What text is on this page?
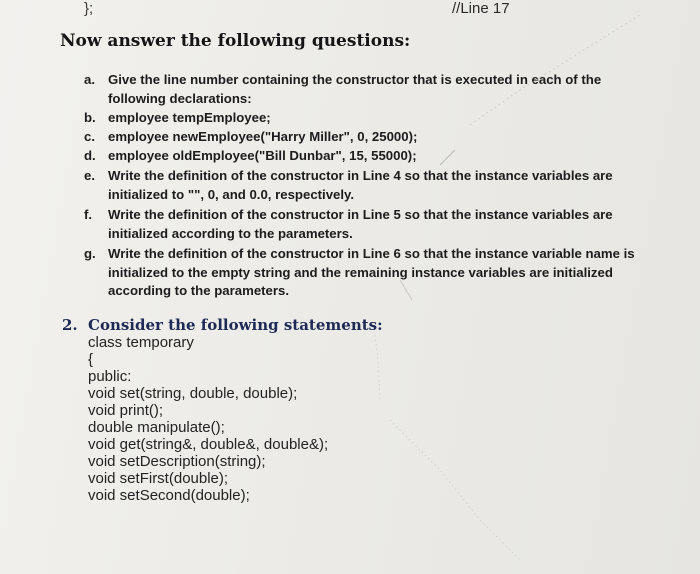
};	//Line 17
Now answer the following questions:
a. Give the line number containing the constructor that is executed in each of the
following declarations:
b. employee tempEmployee;
c. employee newEmployee("Harry Miller", 0, 25000);
d. employee oldEmployee("Bill Dunbar", 15, 55000);
e. Write the definition of the constructor in Line 4 so that the instance variables are
initialized to "", 0, and 0.0, respectively.
f.	Write the definition of the constructor in Line 5 so that the instance variables are
initialized according to the parameters.
g. Write the definition of the constructor in Line 6 so that the instance variable name is
initialized to the empty string and the remaining instance variables are initialized
according to the parameters.
2. Consider the following statements:
class temporary
{
public:
void set(string, double, double);
void print();
double manipulate();
void get(string&, double&, double&);
void setDescription(string);
void setFirst(double);
void setSecond(double);
